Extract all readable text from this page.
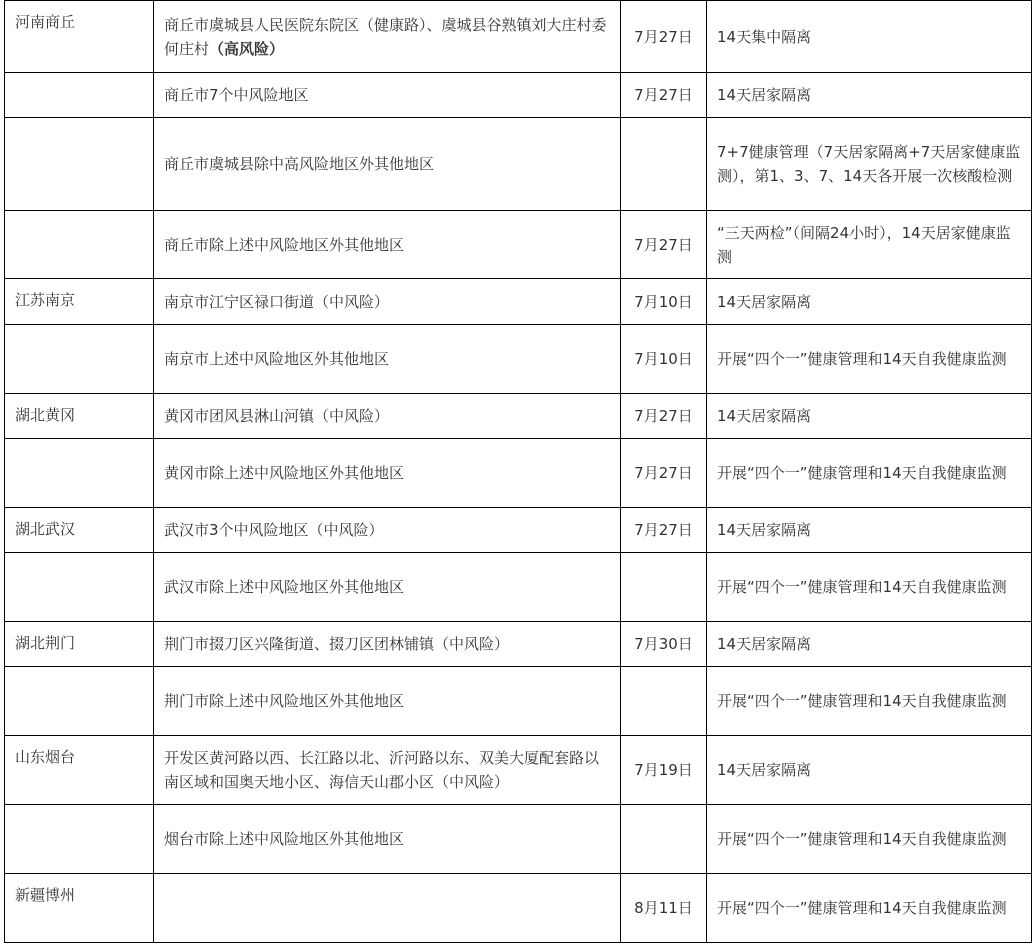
河南商丘	商丘市虞城县人民医院东院区（健康路）、虞城县谷熟镇刘大庄村委何庄村（高风险）	7月27日	14天集中隔离
	商丘市7个中风险地区	7月27日	14天居家隔离
	商丘市虞城县除中高风险地区外其他地区		7+7健康管理（7天居家隔离+7天居家健康监测），第1、3、7、14天各开展一次核酸检测
	商丘市除上述中风险地区外其他地区	7月27日	“三天两检”（间隔24小时），14天居家健康监测
江苏南京	南京市江宁区禄口街道（中风险）	7月10日	14天居家隔离
	南京市上述中风险地区外其他地区	7月10日	开展“四个一”健康管理和14天自我健康监测
湖北黄冈	黄冈市团风县淋山河镇（中风险）	7月27日	14天居家隔离
	黄冈市除上述中风险地区外其他地区	7月27日	开展“四个一”健康管理和14天自我健康监测
湖北武汉	武汉市3个中风险地区（中风险）	7月27日	14天居家隔离
	武汉市除上述中风险地区外其他地区		开展“四个一”健康管理和14天自我健康监测
湖北荆门	荆门市掇刀区兴隆街道、掇刀区团林铺镇（中风险）	7月30日	14天居家隔离
	荆门市除上述中风险地区外其他地区		开展“四个一”健康管理和14天自我健康监测
山东烟台	开发区黄河路以西、长江路以北、沂河路以东、双美大厦配套路以南区域和国奥天地小区、海信天山郡小区（中风险）	7月19日	14天居家隔离
	烟台市除上述中风险地区外其他地区		开展“四个一”健康管理和14天自我健康监测
新疆博州		8月11日	开展“四个一”健康管理和14天自我健康监测
